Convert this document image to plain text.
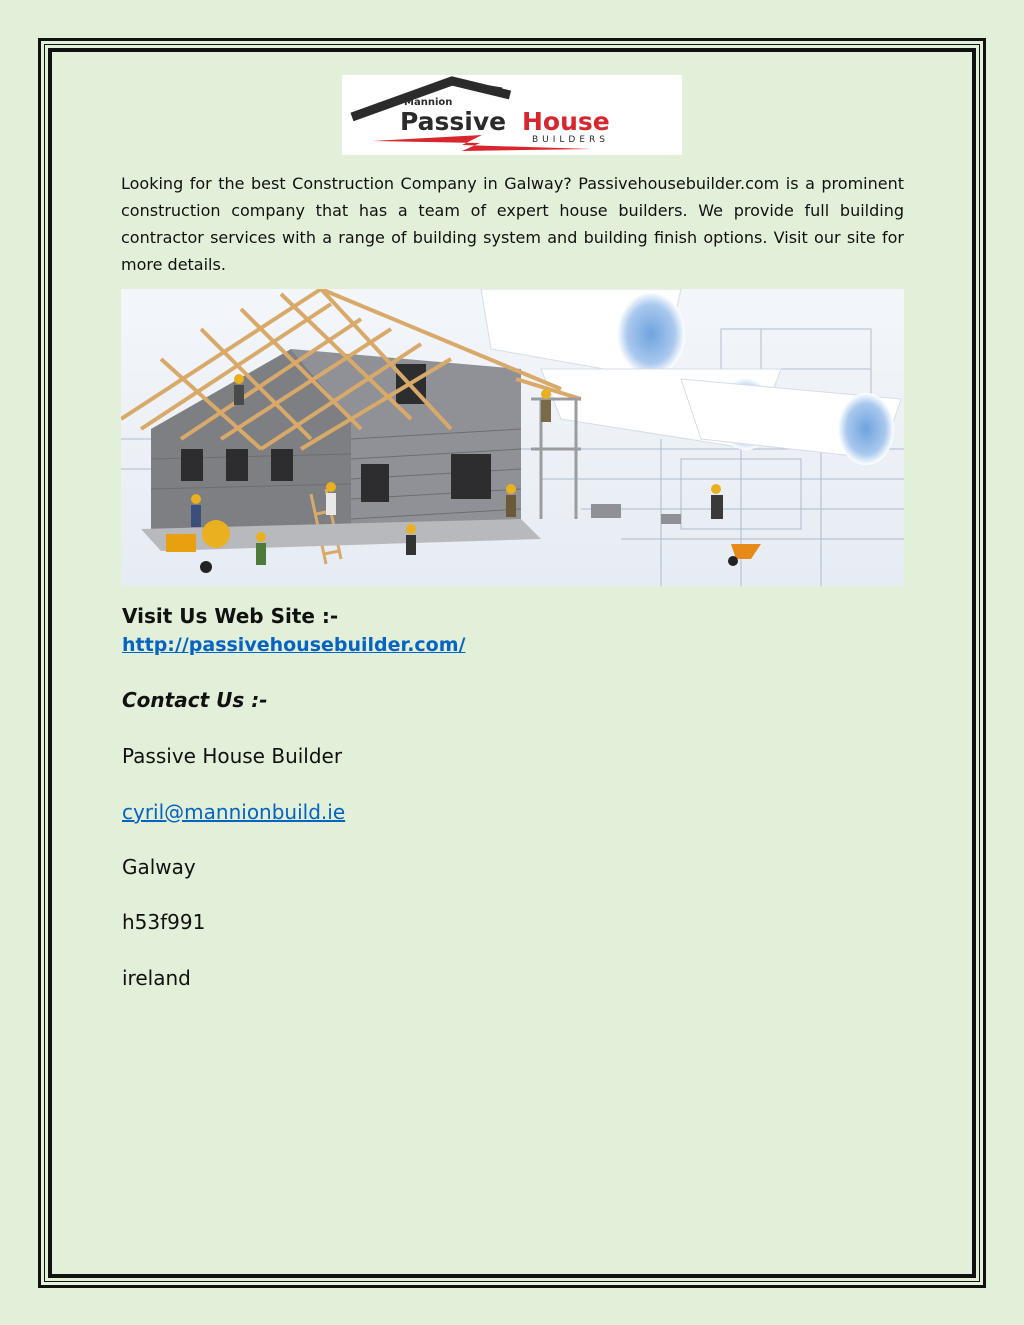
Mannion
Passive House
BUILDERS

Looking for the best Construction Company in Galway? Passivehousebuilder.com is a prominent construction company that has a team of expert house builders. We provide full building contractor services with a range of building system and building finish options. Visit our site for more details.

Visit Us Web Site :-
http://passivehousebuilder.com/
Contact Us :-

Passive House Builder

cyril@mannionbuild.ie

Galway

h53f991

ireland
